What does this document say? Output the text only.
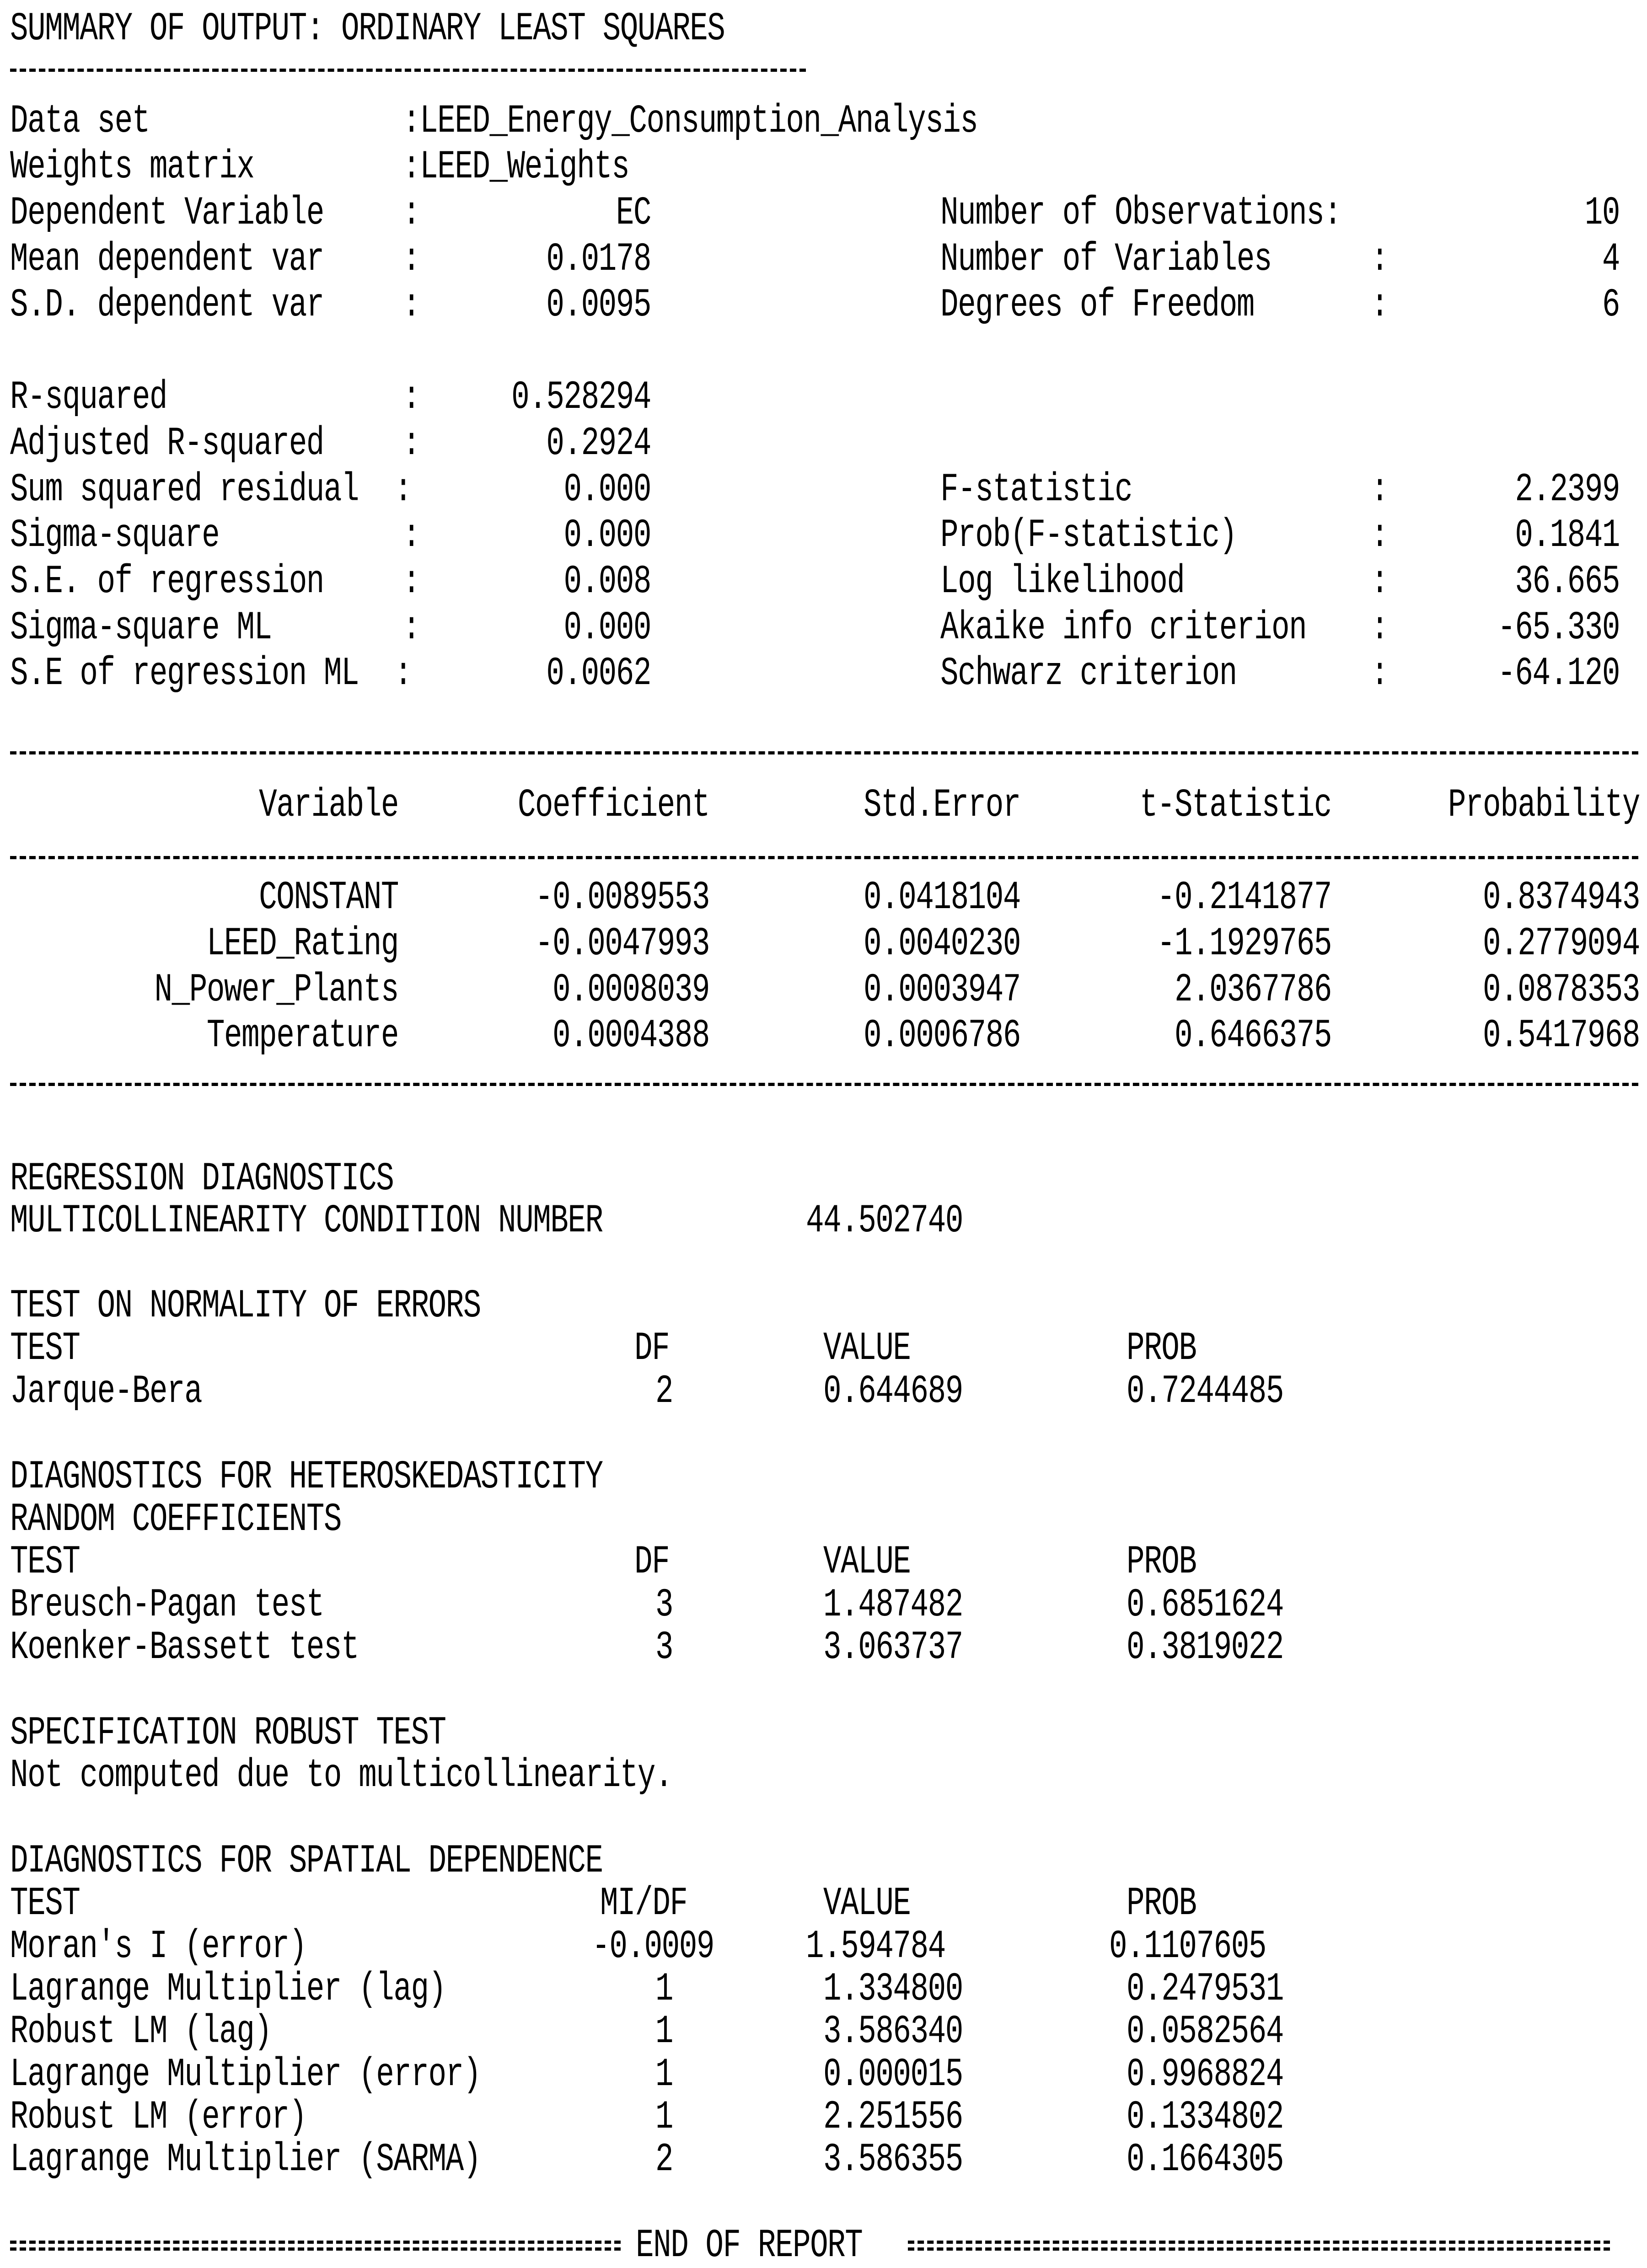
SUMMARY OF OUTPUT: ORDINARY LEAST SQUARES
Data set	:LEED_Energy_Consumption_Analysis
Weights matrix	:LEED_Weights
Dependent Variable	:	EC	Number of Observations:	10
Mean dependent var	:	0.0178	Number of Variables	:	4
S.D. dependent var	:	0.0095	Degrees of Freedom	:	6
R-squared	:	0.528294
Adjusted R-squared	:	0.2924
Sum squared residual :	0.000
Sigma-square	:	0.000
S.E. of regression	:	0.008
Sigma-square ML	:	0.000
S.E of regression ML :	0.0062
F-statistic	:	2.2399
Prob(F-statistic)	:	0.1841
Log likelihood	:	36.665
Akaike info criterion :	-65.330
Schwarz criterion	:	-64.120
Variable	Coefficient	Std.Error	t-Statistic	Probability
CONSTANT	-0.0089553	0.0418104	-0.2141877	0.8374943
LEED_Rating	-0.0047993	0.0040230	-1.1929765	0.2779094
N_Power_Plants	0.0008039	0.0003947	2.0367786	0.0878353
Temperature	0.0004388	0.0006786	0.6466375	0.5417968
REGRESSION DIAGNOSTICS
MULTICOLLINEARITY CONDITION NUMBER	44.502740
TEST ON NORMALITY OF ERRORS
TEST	DF	VALUE	PROB
Jarque-Bera	2	0.644689	0.7244485
DIAGNOSTICS FOR HETEROSKEDASTICITY
RANDOM COEFFICIENTS
TEST	DF	VALUE	PROB
Breusch-Pagan test	3	1.487482	0.6851624
Koenker-Bassett test	3	3.063737	0.3819022
SPECIFICATION ROBUST TEST
Not computed due to multicollinearity.
DIAGNOSTICS FOR SPATIAL DEPENDENCE
TEST	MI/DF	VALUE	PROB
Moran's I (error)	-0.0009	1.594784	0.1107605
Lagrange Multiplier (lag)	1	1.334800	0.2479531
Robust LM (lag)	1	3.586340	0.0582564
Lagrange Multiplier (error)	1	0.000015	0.9968824
Robust LM (error)	1	2.251556	0.1334802
Lagrange Multiplier (SARMA)	2	3.586355	0.1664305
END OF REPORT
